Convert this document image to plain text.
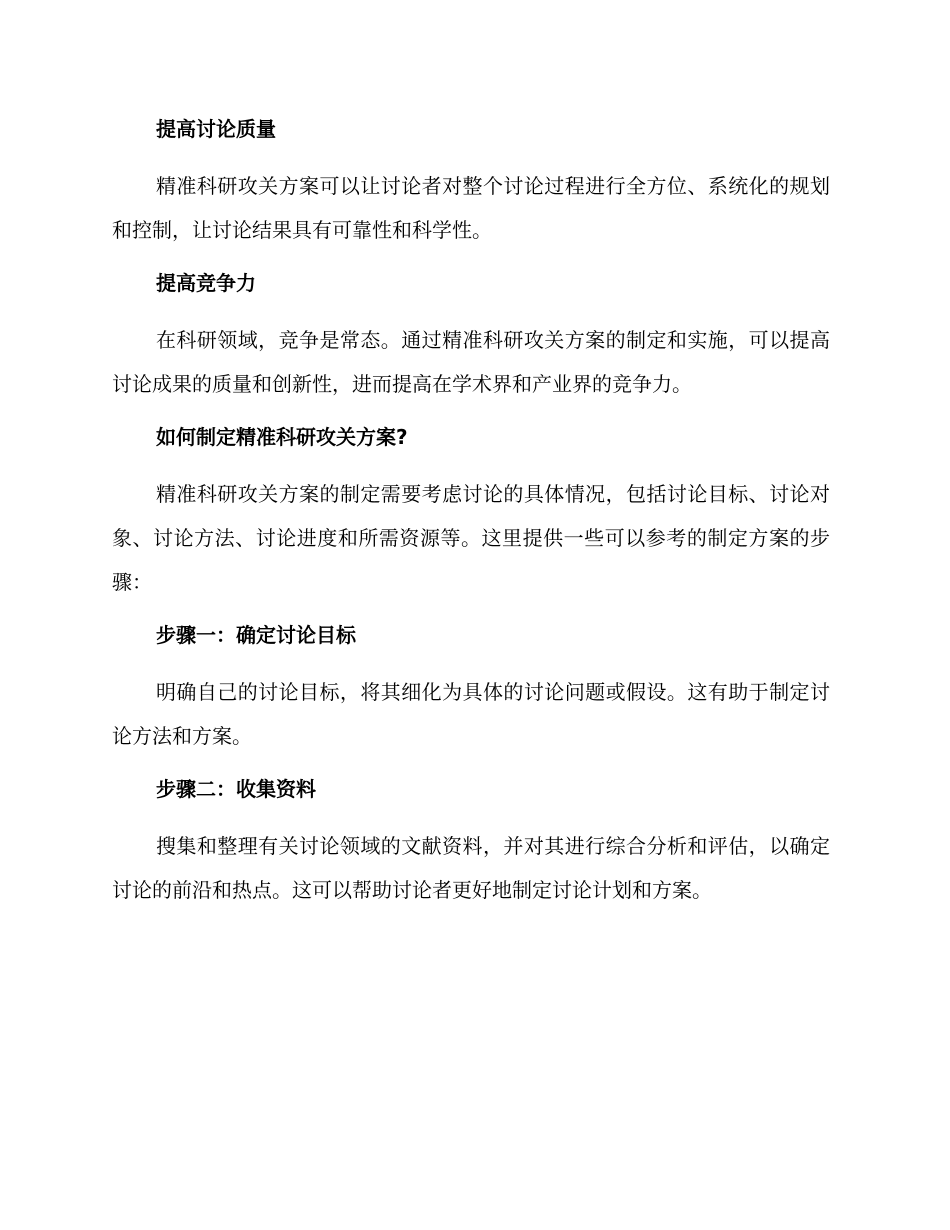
提高讨论质量

精准科研攻关方案可以让讨论者对整个讨论过程进行全方位、系统化的规划和控制，让讨论结果具有可靠性和科学性。

提高竞争力

在科研领域，竞争是常态。通过精准科研攻关方案的制定和实施，可以提高讨论成果的质量和创新性，进而提高在学术界和产业界的竞争力。

如何制定精准科研攻关方案?

精准科研攻关方案的制定需要考虑讨论的具体情况，包括讨论目标、讨论对象、讨论方法、讨论进度和所需资源等。这里提供一些可以参考的制定方案的步骤：

步骤一：确定讨论目标

明确自己的讨论目标，将其细化为具体的讨论问题或假设。这有助于制定讨论方法和方案。

步骤二：收集资料

搜集和整理有关讨论领域的文献资料，并对其进行综合分析和评估，以确定讨论的前沿和热点。这可以帮助讨论者更好地制定讨论计划和方案。
